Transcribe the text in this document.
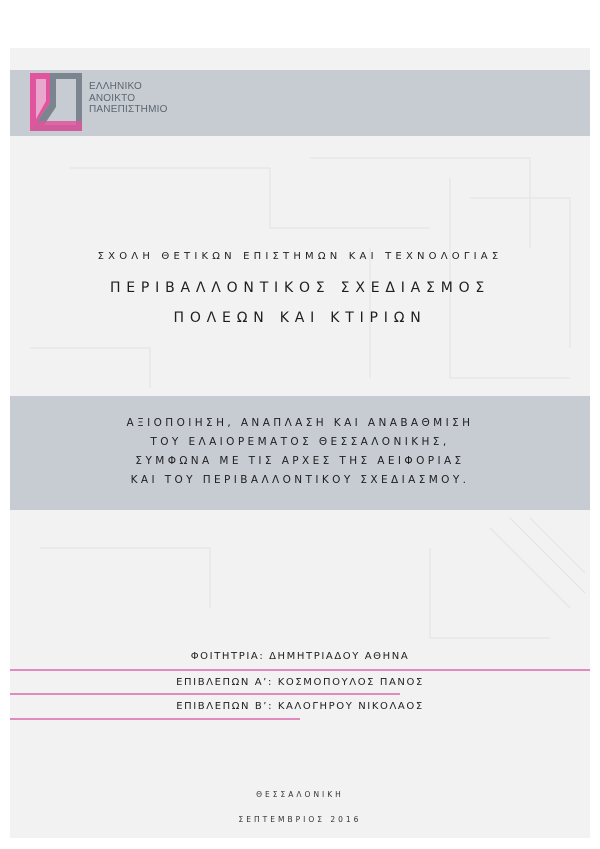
ΕΛΛΗΝΙΚΟ
ΑΝΟΙΚΤΟ
ΠΑΝΕΠΙΣΤΗΜΙΟ
ΣΧΟΛΗ ΘΕΤΙΚΩΝ ΕΠΙΣΤΗΜΩΝ ΚΑΙ ΤΕΧΝΟΛΟΓΙΑΣ
ΠΕΡΙΒΑΛΛΟΝΤΙΚΟΣ ΣΧΕΔΙΑΣΜΟΣ
ΠΟΛΕΩΝ ΚΑΙ ΚΤΙΡΙΩΝ
ΑΞΙΟΠΟΙΗΣΗ, ΑΝΑΠΛΑΣΗ ΚΑΙ ΑΝΑΒΑΘΜΙΣΗ
ΤΟΥ ΕΛΑΙΟΡΕΜΑΤΟΣ ΘΕΣΣΑΛΟΝΙΚΗΣ,
ΣΥΜΦΩΝΑ ΜΕ ΤΙΣ ΑΡΧΕΣ ΤΗΣ ΑΕΙΦΟΡΙΑΣ
ΚΑΙ ΤΟΥ ΠΕΡΙΒΑΛΛΟΝΤΙΚΟΥ ΣΧΕΔΙΑΣΜΟΥ.
ΦΟΙΤΗΤΡΙΑ: ΔΗΜΗΤΡΙΑΔΟΥ ΑΘΗΝΑ
ΕΠΙΒΛΕΠΩΝ Α’: ΚΟΣΜΟΠΟΥΛΟΣ ΠΑΝΟΣ
ΕΠΙΒΛΕΠΩΝ Β’: ΚΑΛΟΓΗΡΟΥ ΝΙΚΟΛΑΟΣ
ΘΕΣΣΑΛΟΝΙΚΗ
ΣΕΠΤΕΜΒΡΙΟΣ 2016
